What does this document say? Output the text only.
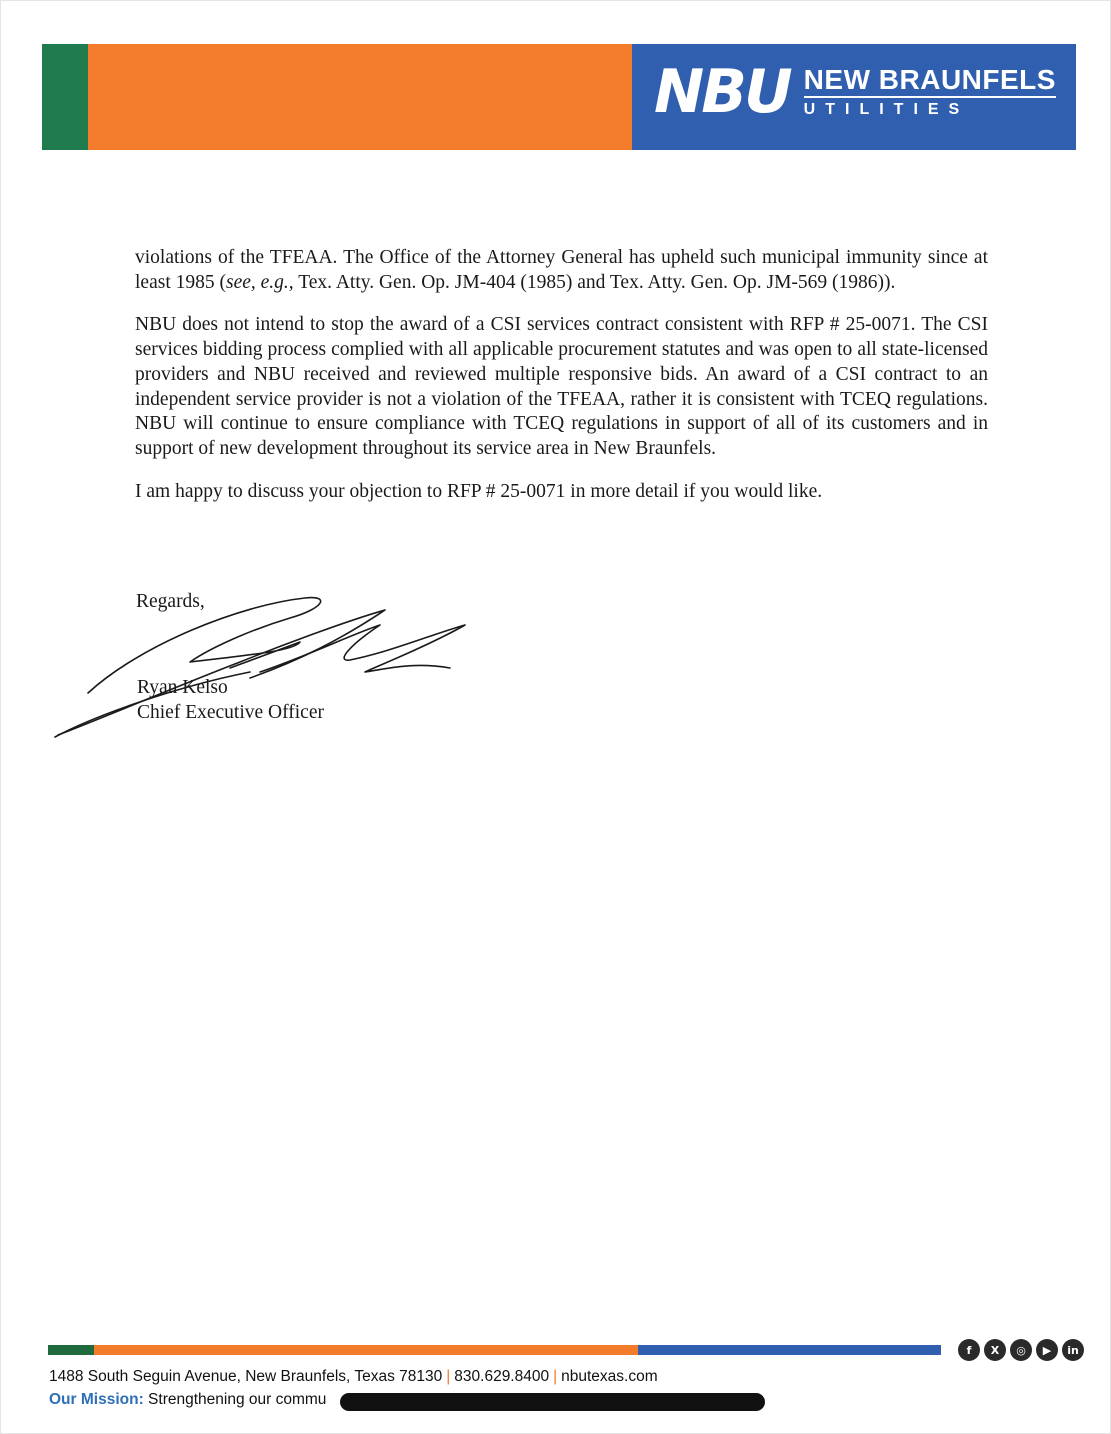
NBU NEW BRAUNFELS
UTILITIES

violations of the TFEAA. The Office of the Attorney General has upheld such municipal immunity since at least 1985 (see, e.g., Tex. Atty. Gen. Op. JM-404 (1985) and Tex. Atty. Gen. Op. JM-569 (1986)).

NBU does not intend to stop the award of a CSI services contract consistent with RFP # 25-0071. The CSI services bidding process complied with all applicable procurement statutes and was open to all state-licensed providers and NBU received and reviewed multiple responsive bids. An award of a CSI contract to an independent service provider is not a violation of the TFEAA, rather it is consistent with TCEQ regulations. NBU will continue to ensure compliance with TCEQ regulations in support of all of its customers and in support of new development throughout its service area in New Braunfels.

I am happy to discuss your objection to RFP # 25-0071 in more detail if you would like.

Regards,
Ryan Kelso
Chief Executive Officer
f	X	◎	▶	in
1488 South Seguin Avenue, New Braunfels, Texas 78130 | 830.629.8400 | nbutexas.com
Our Mission: Strengthening our commu
